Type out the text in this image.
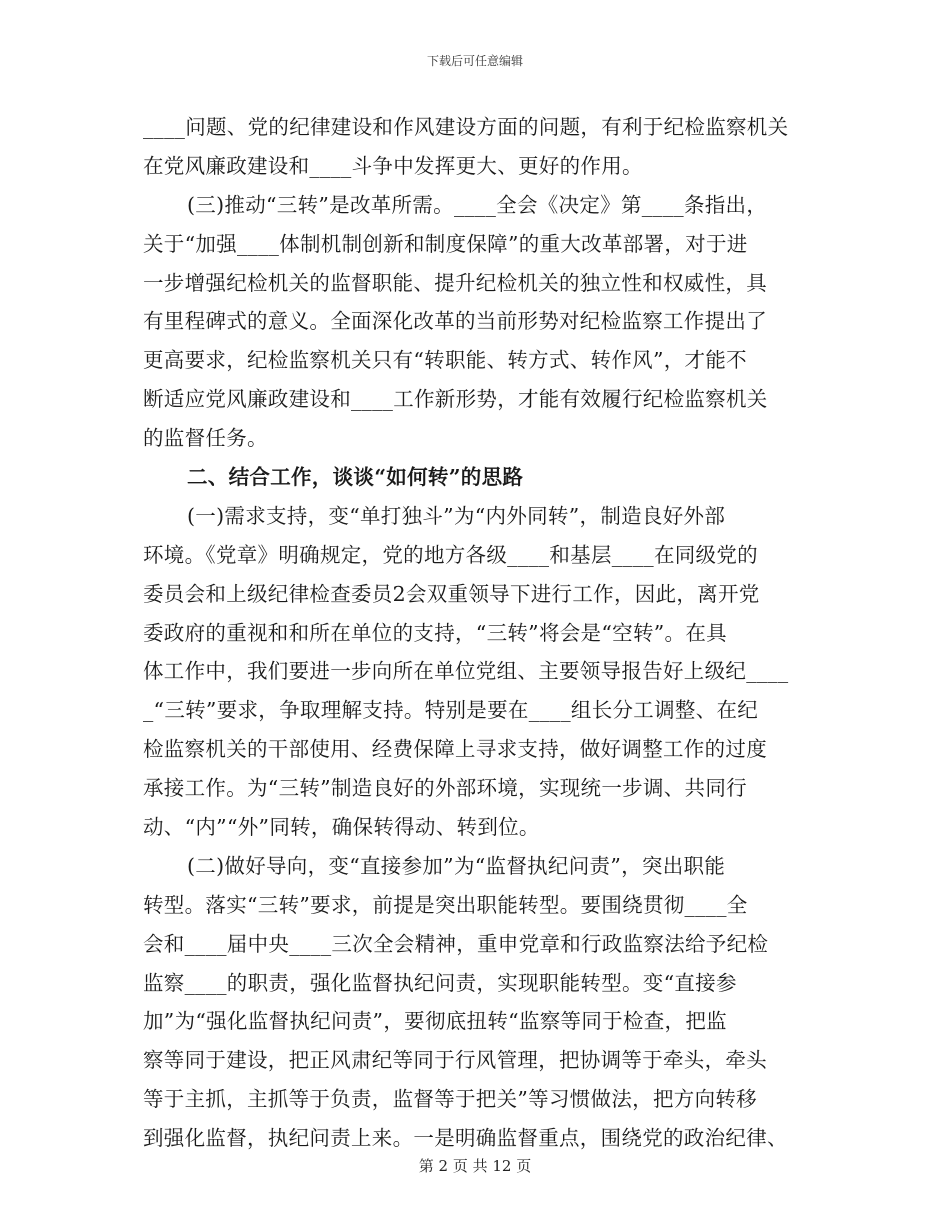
下载后可任意编辑
____问题、党的纪律建设和作风建设方面的问题，有利于纪检监察机关
在党风廉政建设和____斗争中发挥更大、更好的作用。
(三)推动“三转”是改革所需。____全会《决定》第____条指出，
关于“加强____体制机制创新和制度保障”的重大改革部署，对于进
一步增强纪检机关的监督职能、提升纪检机关的独立性和权威性，具
有里程碑式的意义。全面深化改革的当前形势对纪检监察工作提出了
更高要求，纪检监察机关只有“转职能、转方式、转作风”，才能不
断适应党风廉政建设和____工作新形势，才能有效履行纪检监察机关
的监督任务。
二、结合工作，谈谈“如何转”的思路
(一)需求支持，变“单打独斗”为“内外同转”，制造良好外部
环境。《党章》明确规定，党的地方各级____和基层____在同级党的
委员会和上级纪律检查委员2会双重领导下进行工作，因此，离开党
委政府的重视和和所在单位的支持，“三转”将会是“空转”。在具
体工作中，我们要进一步向所在单位党组、主要领导报告好上级纪____
_“三转”要求，争取理解支持。特别是要在____组长分工调整、在纪
检监察机关的干部使用、经费保障上寻求支持，做好调整工作的过度
承接工作。为“三转”制造良好的外部环境，实现统一步调、共同行
动、“内”“外”同转，确保转得动、转到位。
(二)做好导向，变“直接参加”为“监督执纪问责”，突出职能
转型。落实“三转”要求，前提是突出职能转型。要围绕贯彻____全
会和____届中央____三次全会精神，重申党章和行政监察法给予纪检
监察____的职责，强化监督执纪问责，实现职能转型。变“直接参
加”为“强化监督执纪问责”，要彻底扭转“监察等同于检查，把监
察等同于建设，把正风肃纪等同于行风管理，把协调等于牵头，牵头
等于主抓，主抓等于负责，监督等于把关”等习惯做法，把方向转移
到强化监督，执纪问责上来。一是明确监督重点，围绕党的政治纪律、
第 2 页 共 12 页
